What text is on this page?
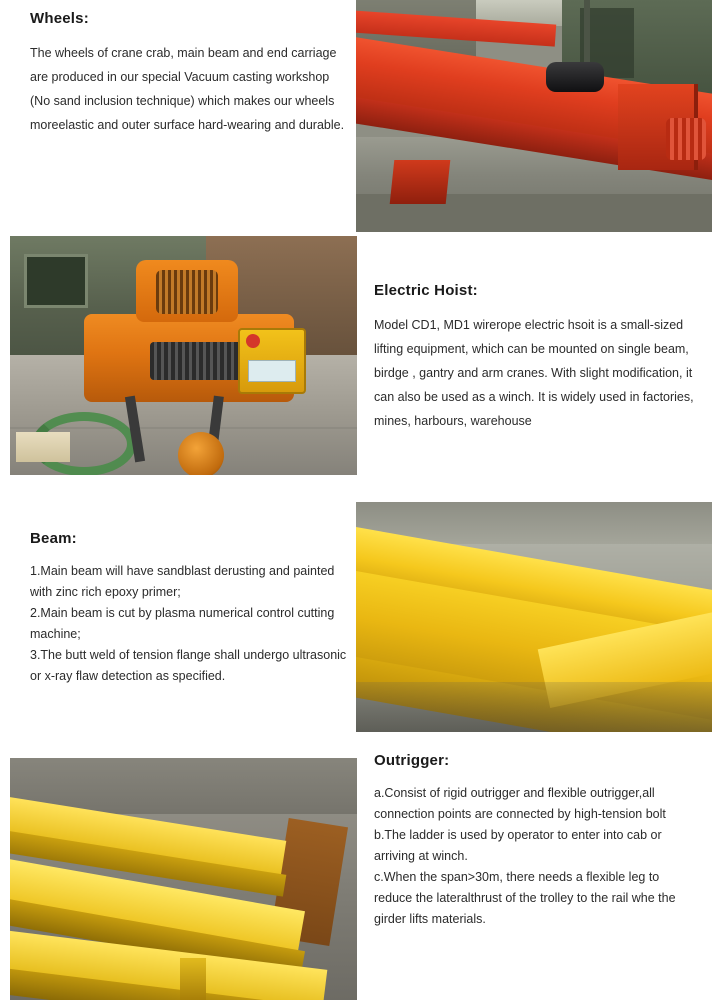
Wheels:

The wheels of crane crab, main beam and end carriage are produced in our special Vacuum casting workshop (No sand inclusion technique) which makes our wheels moreelastic and outer surface hard-wearing and durable.

Electric Hoist:

Model CD1, MD1 wirerope electric hsoit is a small-sized lifting equipment, which can be mounted on single beam, birdge , gantry and arm cranes. With slight modification, it can also be used as a winch. It is widely used in factories, mines, harbours, warehouse

Beam:

1.Main beam will have sandblast derusting and painted

with zinc rich epoxy primer;

2.Main beam is cut by plasma numerical control cutting

machine;

3.The butt weld of tension flange shall undergo ultrasonic

or x-ray flaw detection as specified.

Outrigger:

a.Consist of rigid outrigger and flexible outrigger,all

connection points are connected by high-tension bolt

b.The ladder is used by operator to enter into cab or

arriving at winch.

c.When the span>30m, there needs a flexible leg to

reduce the lateralthrust of the trolley to the rail whe the

girder lifts materials.
